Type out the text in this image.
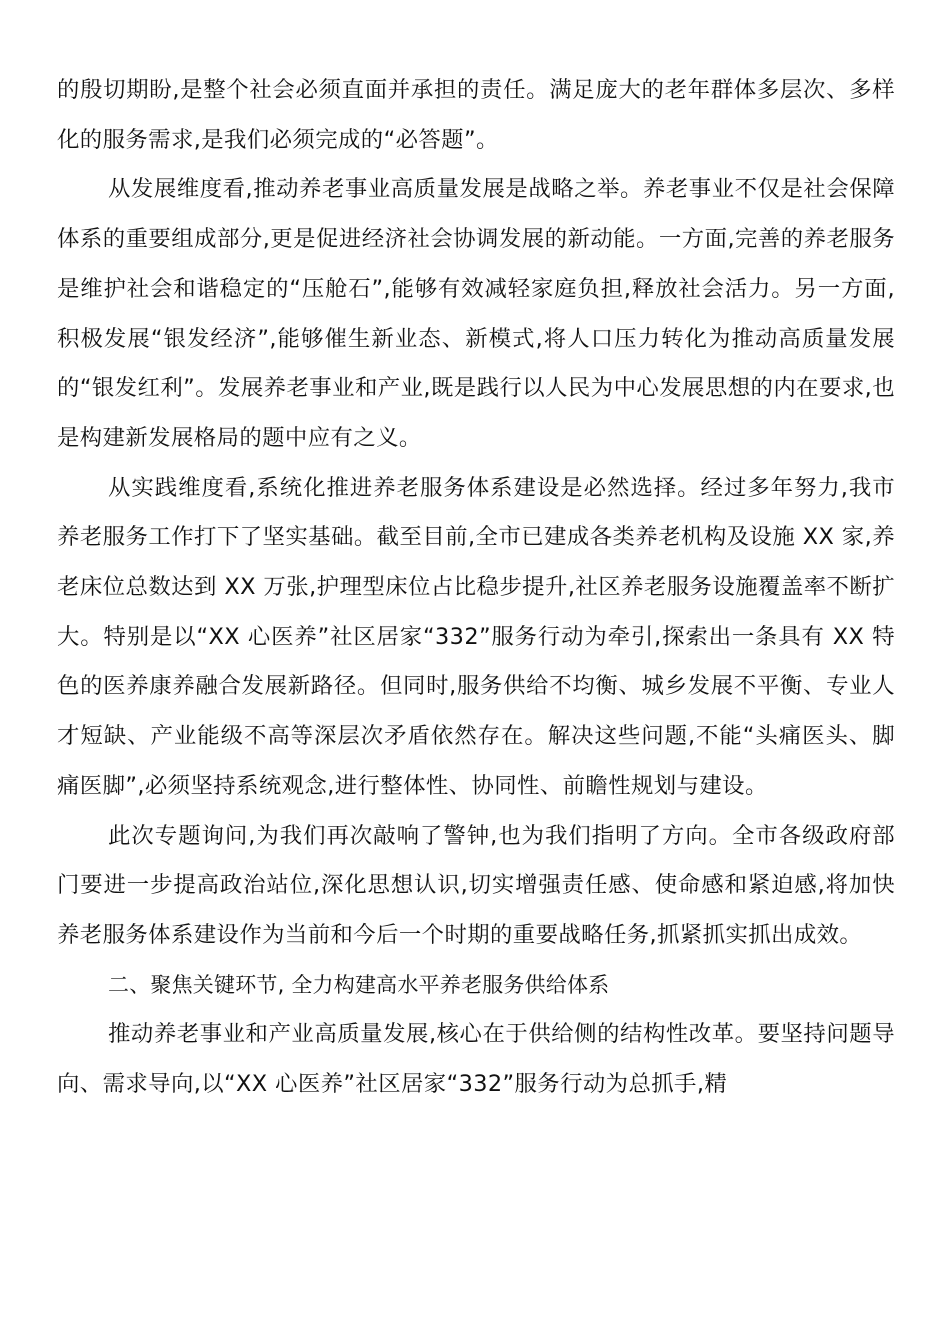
的殷切期盼,是整个社会必须直面并承担的责任。满足庞大的老年群体多层次、多样化的服务需求,是我们必须完成的“必答题”。

从发展维度看,推动养老事业高质量发展是战略之举。养老事业不仅是社会保障体系的重要组成部分,更是促进经济社会协调发展的新动能。一方面,完善的养老服务是维护社会和谐稳定的“压舱石”,能够有效减轻家庭负担,释放社会活力。另一方面,积极发展“银发经济”,能够催生新业态、新模式,将人口压力转化为推动高质量发展的“银发红利”。发展养老事业和产业,既是践行以人民为中心发展思想的内在要求,也是构建新发展格局的题中应有之义。

从实践维度看,系统化推进养老服务体系建设是必然选择。经过多年努力,我市养老服务工作打下了坚实基础。截至目前,全市已建成各类养老机构及设施 XX 家,养老床位总数达到 XX 万张,护理型床位占比稳步提升,社区养老服务设施覆盖率不断扩大。特别是以“XX 心医养”社区居家“332”服务行动为牵引,探索出一条具有 XX 特色的医养康养融合发展新路径。但同时,服务供给不均衡、城乡发展不平衡、专业人才短缺、产业能级不高等深层次矛盾依然存在。解决这些问题,不能“头痛医头、脚痛医脚”,必须坚持系统观念,进行整体性、协同性、前瞻性规划与建设。

此次专题询问,为我们再次敲响了警钟,也为我们指明了方向。全市各级政府部门要进一步提高政治站位,深化思想认识,切实增强责任感、使命感和紧迫感,将加快养老服务体系建设作为当前和今后一个时期的重要战略任务,抓紧抓实抓出成效。

二、聚焦关键环节, 全力构建高水平养老服务供给体系

推动养老事业和产业高质量发展,核心在于供给侧的结构性改革。要坚持问题导向、需求导向,以“XX 心医养”社区居家“332”服务行动为总抓手,精
